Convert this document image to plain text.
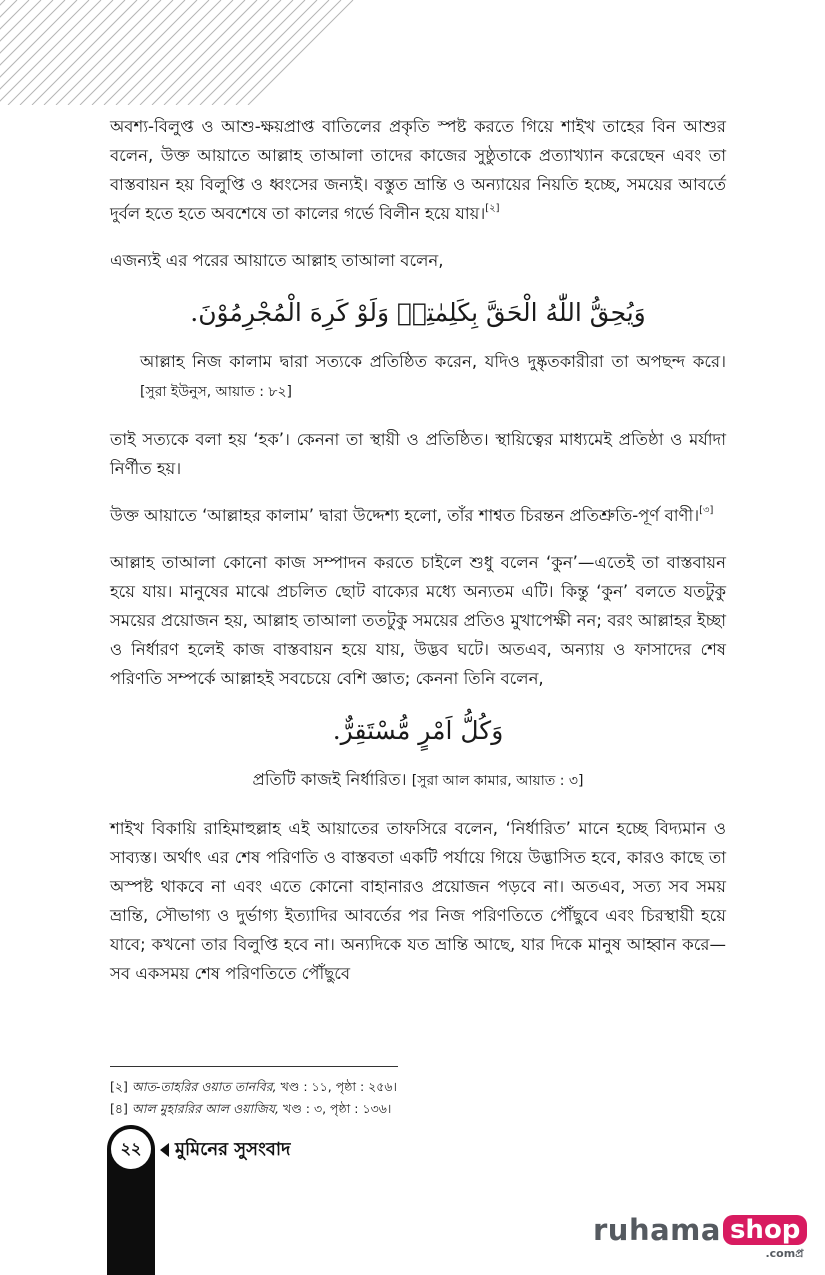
অবশ্য-বিলুপ্ত ও আশু-ক্ষয়প্রাপ্ত বাতিলের প্রকৃতি স্পষ্ট করতে গিয়ে শাইখ তাহের বিন আশুর বলেন, উক্ত আয়াতে আল্লাহ তাআলা তাদের কাজের সুষ্ঠুতাকে প্রত্যাখ্যান করেছেন এবং তা বাস্তবায়ন হয় বিলুপ্তি ও ধ্বংসের জন্যই। বস্তুত ভ্রান্তি ও অন্যায়ের নিয়তি হচ্ছে, সময়ের আবর্তে দুর্বল হতে হতে অবশেষে তা কালের গর্ভে বিলীন হয়ে যায়।[২]

এজন্যই এর পরের আয়াতে আল্লাহ তাআলা বলেন,

وَيُحِقُّ اللّٰهُ الْحَقَّ بِكَلِمٰتِهٖ وَلَوْ كَرِهَ الْمُجْرِمُوْنَ.

আল্লাহ নিজ কালাম দ্বারা সত্যকে প্রতিষ্ঠিত করেন, যদিও দুষ্কৃতকারীরা তা অপছন্দ করে। [সুরা ইউনুস, আয়াত : ৮২]

তাই সত্যকে বলা হয় ‘হক’। কেননা তা স্থায়ী ও প্রতিষ্ঠিত। স্থায়িত্বের মাধ্যমেই প্রতিষ্ঠা ও মর্যাদা নির্ণীত হয়।

উক্ত আয়াতে ‘আল্লাহর কালাম’ দ্বারা উদ্দেশ্য হলো, তাঁর শাশ্বত চিরন্তন প্রতিশ্রুতি-পূর্ণ বাণী।[৩]

আল্লাহ তাআলা কোনো কাজ সম্পাদন করতে চাইলে শুধু বলেন ‘কুন’—এতেই তা বাস্তবায়ন হয়ে যায়। মানুষের মাঝে প্রচলিত ছোট বাক্যের মধ্যে অন্যতম এটি। কিন্তু ‘কুন’ বলতে যতটুকু সময়ের প্রয়োজন হয়, আল্লাহ তাআলা ততটুকু সময়ের প্রতিও মুখাপেক্ষী নন; বরং আল্লাহর ইচ্ছা ও নির্ধারণ হলেই কাজ বাস্তবায়ন হয়ে যায়, উদ্ভব ঘটে। অতএব, অন্যায় ও ফাসাদের শেষ পরিণতি সম্পর্কে আল্লাহই সবচেয়ে বেশি জ্ঞাত; কেননা তিনি বলেন,

وَكُلُّ اَمْرٍ مُّسْتَقِرٌّ.

প্রতিটি কাজই নির্ধারিত। [সুরা আল কামার, আয়াত : ৩]

শাইখ বিকায়ি রাহিমাহুল্লাহ এই আয়াতের তাফসিরে বলেন, ‘নির্ধারিত’ মানে হচ্ছে বিদ্যমান ও সাব্যস্ত। অর্থাৎ এর শেষ পরিণতি ও বাস্তবতা একটি পর্যায়ে গিয়ে উদ্ভাসিত হবে, কারও কাছে তা অস্পষ্ট থাকবে না এবং এতে কোনো বাহানারও প্রয়োজন পড়বে না। অতএব, সত্য সব সময় ভ্রান্তি, সৌভাগ্য ও দুর্ভাগ্য ইত্যাদির আবর্তের পর নিজ পরিণতিতে পৌঁছুবে এবং চিরস্থায়ী হয়ে যাবে; কখনো তার বিলুপ্তি হবে না। অন্যদিকে যত ভ্রান্তি আছে, যার দিকে মানুষ আহ্বান করে—সব একসময় শেষ পরিণতিতে পৌঁছুবে

[২] আত-তাহরির ওয়াত তানবির, খণ্ড : ১১, পৃষ্ঠা : ২৫৬।
[৪] আল মুহাররির আল ওয়াজিয, খণ্ড : ৩, পৃষ্ঠা : ১৩৬।
২২	মুমিনের সুসংবাদ
ruhama shop
.comপ্র
